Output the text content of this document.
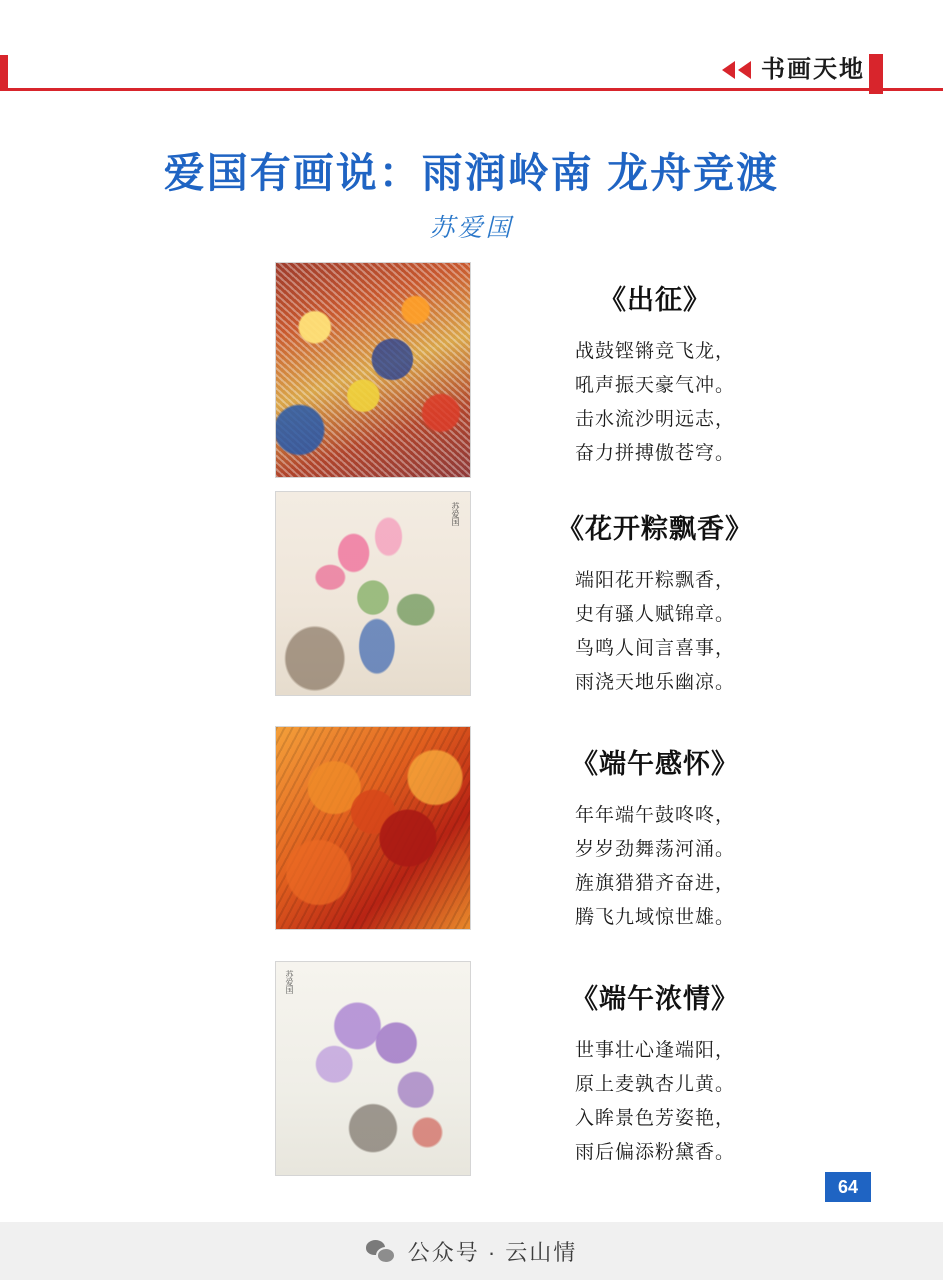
书画天地
爱国有画说：雨润岭南 龙舟竞渡
苏爱国
《出征》
战鼓铿锵竞飞龙，
吼声振天豪气冲。
击水流沙明远志，
奋力拼搏傲苍穹。
苏爱国	《花开粽飘香》
端阳花开粽飘香，
史有骚人赋锦章。
鸟鸣人间言喜事，
雨浇天地乐幽凉。
《端午感怀》
年年端午鼓咚咚，
岁岁劲舞荡河涌。
旌旗猎猎齐奋进，
腾飞九域惊世雄。
苏爱国
《端午浓情》
世事壮心逢端阳，
原上麦孰杏儿黄。
入眸景色芳姿艳，
雨后偏添粉黛香。
64
公众号 · 云山情
